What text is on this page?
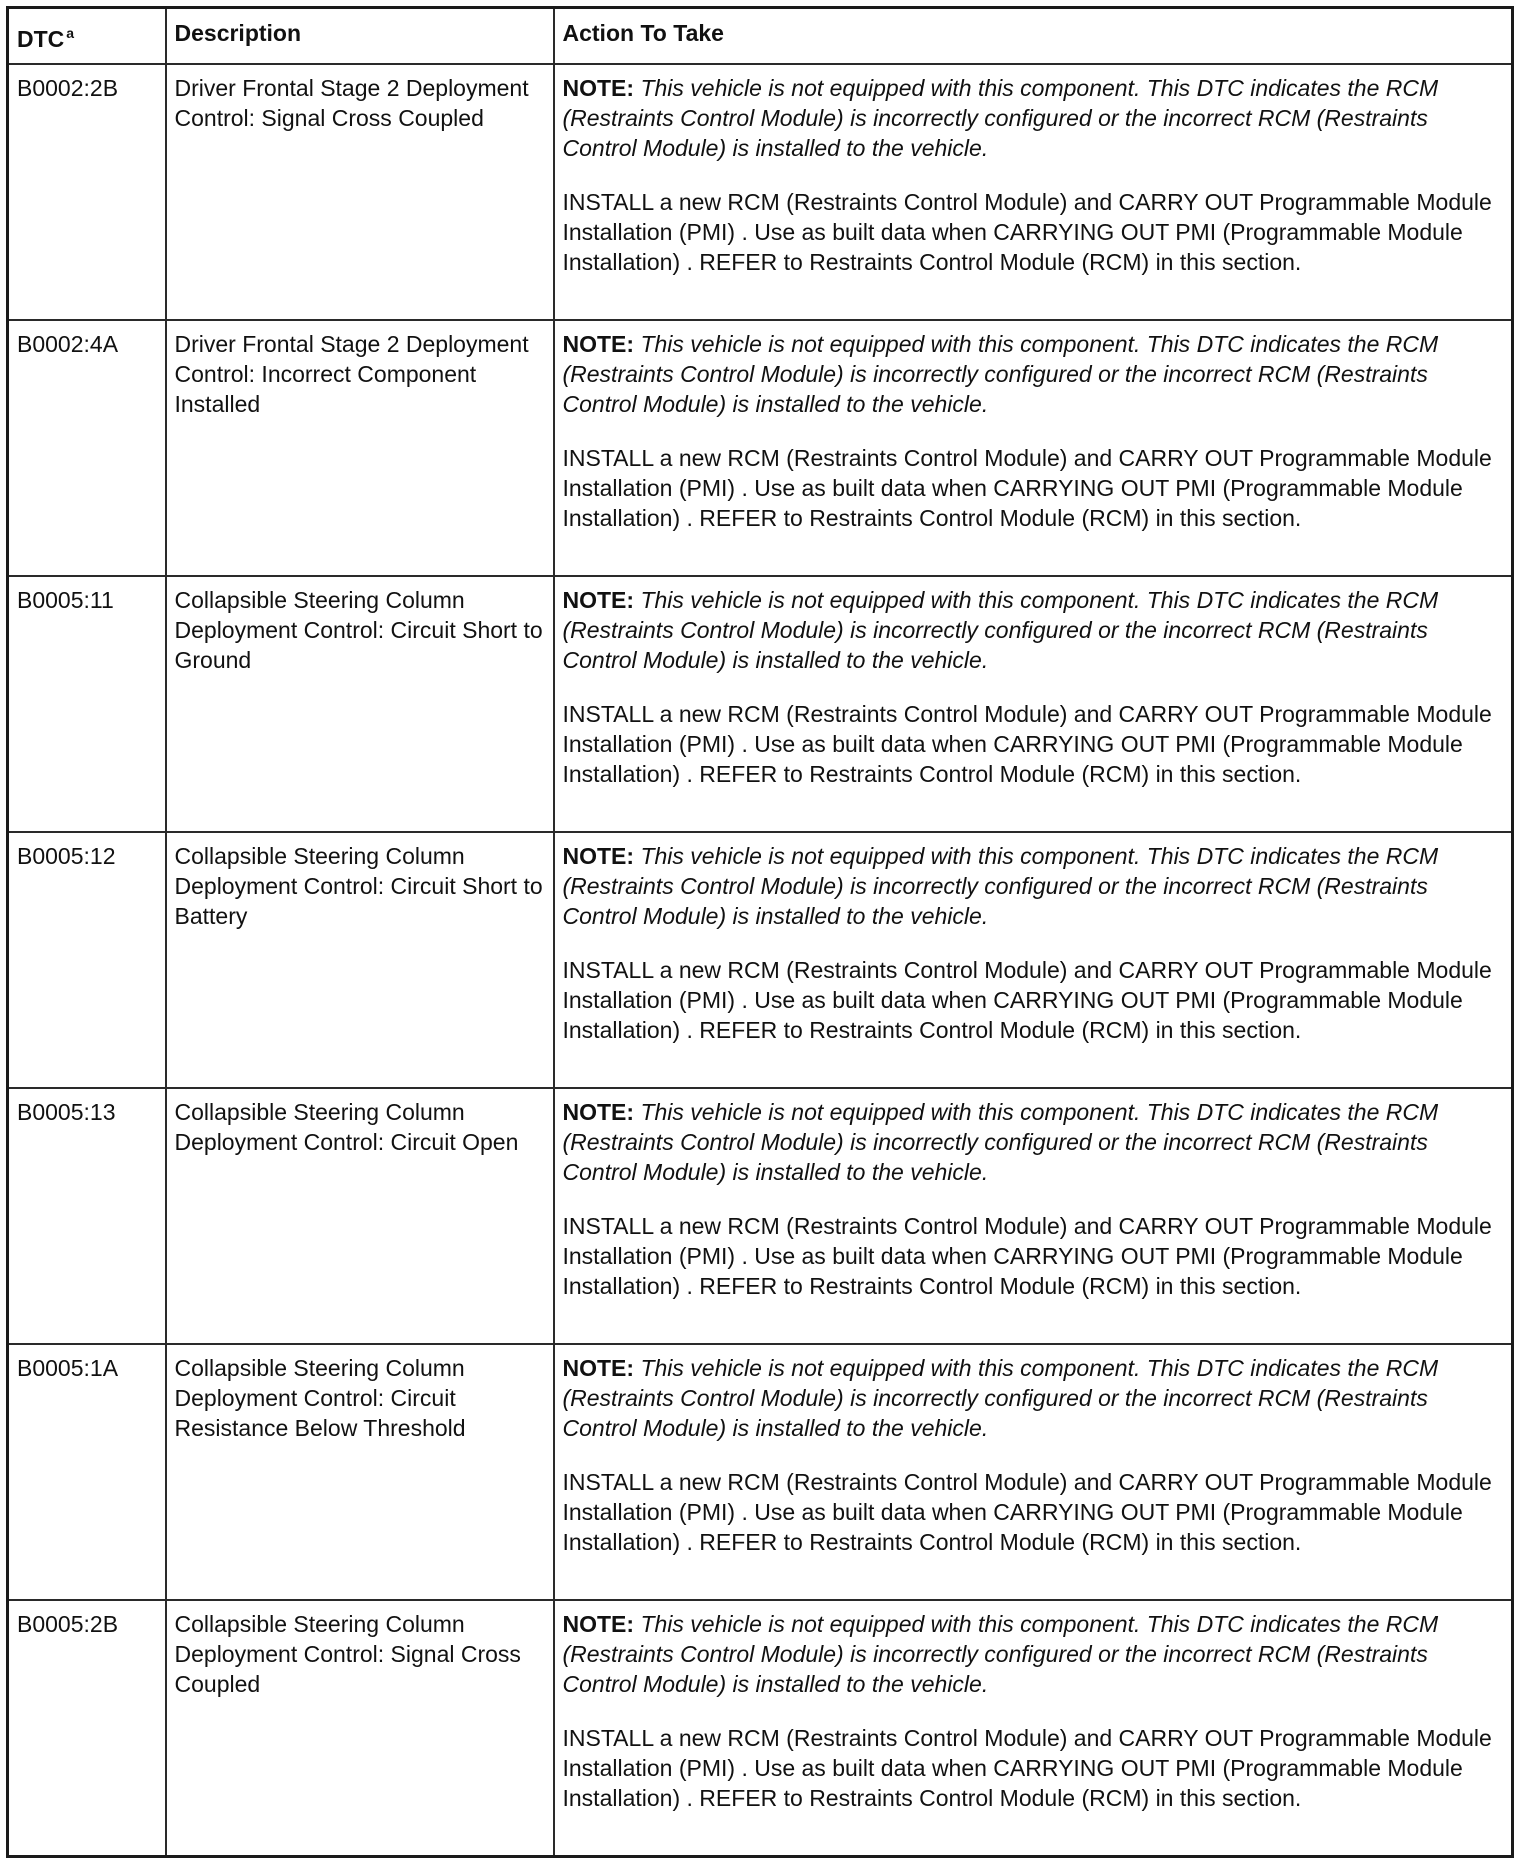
DTC $^a$	Description	Action To Take
B0002:2B	Driver Frontal Stage 2 Deployment Control: Signal Cross Coupled	NOTE: This vehicle is not equipped with this component. This DTC indicates the RCM (Restraints Control Module) is incorrectly configured or the incorrect RCM (Restraints Control Module) is installed to the vehicle.

INSTALL a new RCM (Restraints Control Module) and CARRY OUT Programmable Module Installation (PMI) . Use as built data when CARRYING OUT PMI (Programmable Module Installation) . REFER to Restraints Control Module (RCM) in this section.

B0002:4A	Driver Frontal Stage 2 Deployment Control: Incorrect Component Installed	NOTE: This vehicle is not equipped with this component. This DTC indicates the RCM (Restraints Control Module) is incorrectly configured or the incorrect RCM (Restraints Control Module) is installed to the vehicle.

INSTALL a new RCM (Restraints Control Module) and CARRY OUT Programmable Module Installation (PMI) . Use as built data when CARRYING OUT PMI (Programmable Module Installation) . REFER to Restraints Control Module (RCM) in this section.

B0005:11	Collapsible Steering Column Deployment Control: Circuit Short to Ground	NOTE: This vehicle is not equipped with this component. This DTC indicates the RCM (Restraints Control Module) is incorrectly configured or the incorrect RCM (Restraints Control Module) is installed to the vehicle.

INSTALL a new RCM (Restraints Control Module) and CARRY OUT Programmable Module Installation (PMI) . Use as built data when CARRYING OUT PMI (Programmable Module Installation) . REFER to Restraints Control Module (RCM) in this section.

B0005:12	Collapsible Steering Column Deployment Control: Circuit Short to Battery	NOTE: This vehicle is not equipped with this component. This DTC indicates the RCM (Restraints Control Module) is incorrectly configured or the incorrect RCM (Restraints Control Module) is installed to the vehicle.

INSTALL a new RCM (Restraints Control Module) and CARRY OUT Programmable Module Installation (PMI) . Use as built data when CARRYING OUT PMI (Programmable Module Installation) . REFER to Restraints Control Module (RCM) in this section.

B0005:13	Collapsible Steering Column Deployment Control: Circuit Open	NOTE: This vehicle is not equipped with this component. This DTC indicates the RCM (Restraints Control Module) is incorrectly configured or the incorrect RCM (Restraints Control Module) is installed to the vehicle.

INSTALL a new RCM (Restraints Control Module) and CARRY OUT Programmable Module Installation (PMI) . Use as built data when CARRYING OUT PMI (Programmable Module Installation) . REFER to Restraints Control Module (RCM) in this section.

B0005:1A	Collapsible Steering Column Deployment Control: Circuit Resistance Below Threshold	NOTE: This vehicle is not equipped with this component. This DTC indicates the RCM (Restraints Control Module) is incorrectly configured or the incorrect RCM (Restraints Control Module) is installed to the vehicle.

INSTALL a new RCM (Restraints Control Module) and CARRY OUT Programmable Module Installation (PMI) . Use as built data when CARRYING OUT PMI (Programmable Module Installation) . REFER to Restraints Control Module (RCM) in this section.

B0005:2B	Collapsible Steering Column Deployment Control: Signal Cross Coupled	NOTE: This vehicle is not equipped with this component. This DTC indicates the RCM (Restraints Control Module) is incorrectly configured or the incorrect RCM (Restraints Control Module) is installed to the vehicle.

INSTALL a new RCM (Restraints Control Module) and CARRY OUT Programmable Module Installation (PMI) . Use as built data when CARRYING OUT PMI (Programmable Module Installation) . REFER to Restraints Control Module (RCM) in this section.
